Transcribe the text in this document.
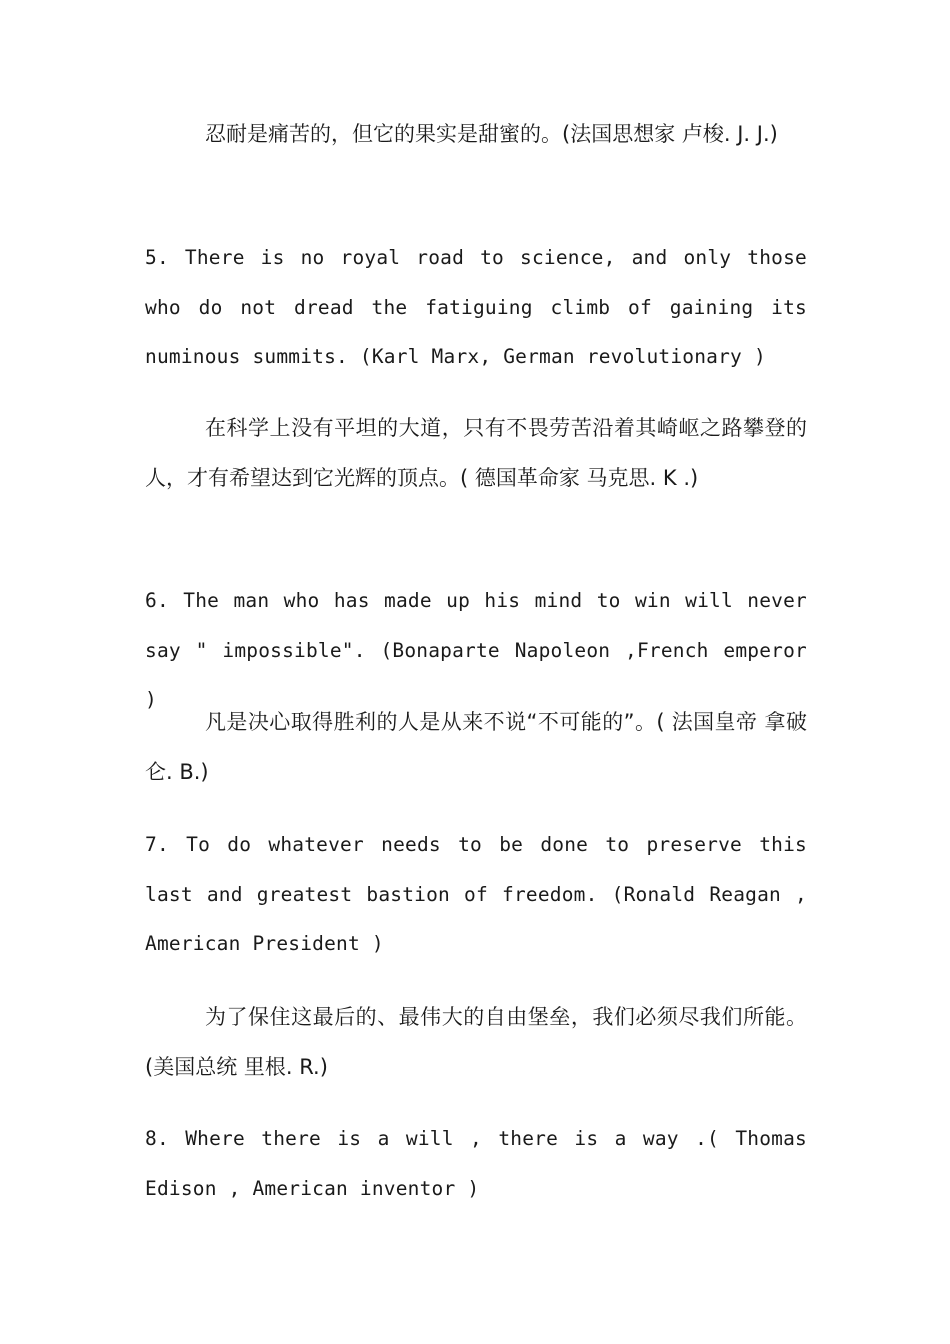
忍耐是痛苦的，但它的果实是甜蜜的。(法国思想家 卢梭. J. J.)

5. There is no royal road to science, and only those who do not dread the fatiguing climb of gaining its numinous summits. (Karl Marx, German revolutionary )

在科学上没有平坦的大道，只有不畏劳苦沿着其崎岖之路攀登的人，才有希望达到它光辉的顶点。( 德国革命家 马克思. K .)

6. The man who has made up his mind to win will never say " impossible". (Bonaparte Napoleon ,French emperor )

凡是决心取得胜利的人是从来不说“不可能的”。( 法国皇帝 拿破仑. B.)

7. To do whatever needs to be done to preserve this last and greatest bastion of freedom. (Ronald Reagan , American President )

为了保住这最后的、最伟大的自由堡垒，我们必须尽我们所能。(美国总统 里根. R.)

8. Where there is a will , there is a way .( Thomas Edison , American inventor )
